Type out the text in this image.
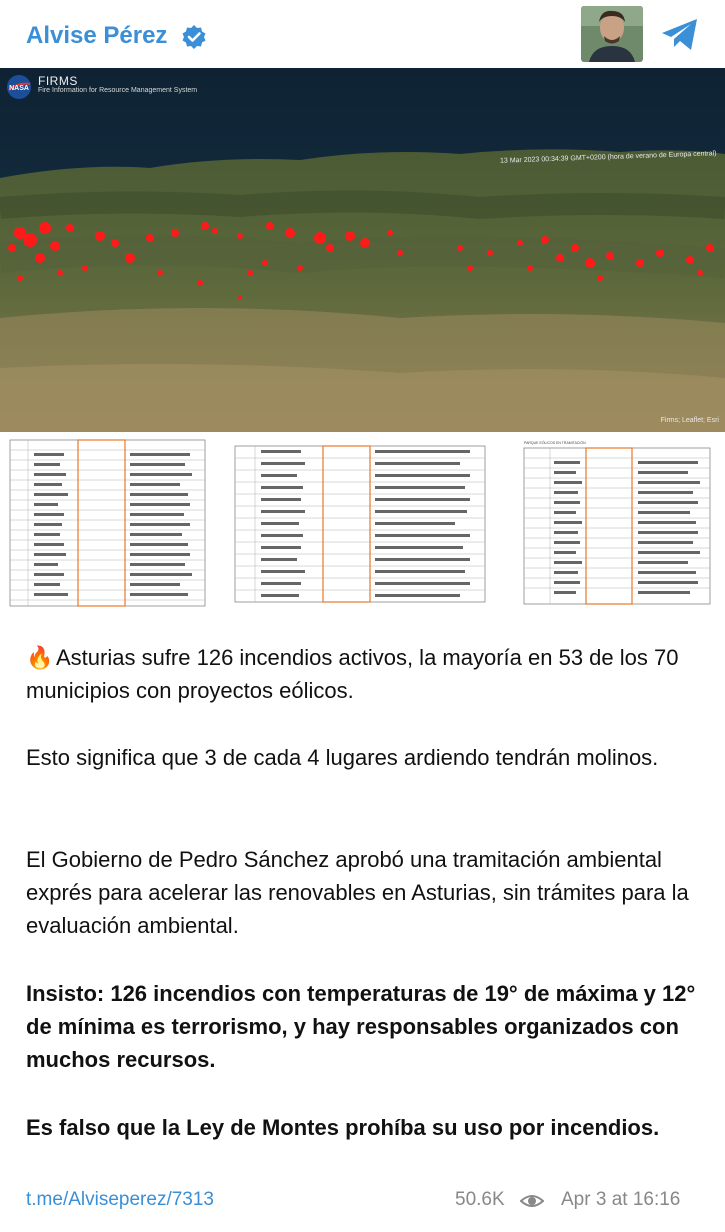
Alvise Pérez
NASA
FIRMS
Fire Information for Resource Management System
13 Mar 2023 00:34:39 GMT+0200 (hora de verano de Europa central)
Firms; Leaflet; Esri
PARQUE EÓLICOS EN TRAMITACIÓN
🔥 Asturias sufre 126 incendios activos, la mayoría en 53 de los 70 municipios con proyectos eólicos.
Esto significa que 3 de cada 4 lugares ardiendo tendrán molinos.
El Gobierno de Pedro Sánchez aprobó una tramitación ambiental exprés para acelerar las renovables en Asturias, sin trámites para la evaluación ambiental.
Insisto: 126 incendios con temperaturas de 19° de máxima y 12° de mínima es terrorismo, y hay responsables organizados con muchos recursos.
Es falso que la Ley de Montes prohíba su uso por incendios.
t.me/Alviseperez/7313	50.6K	Apr 3 at 16:16
